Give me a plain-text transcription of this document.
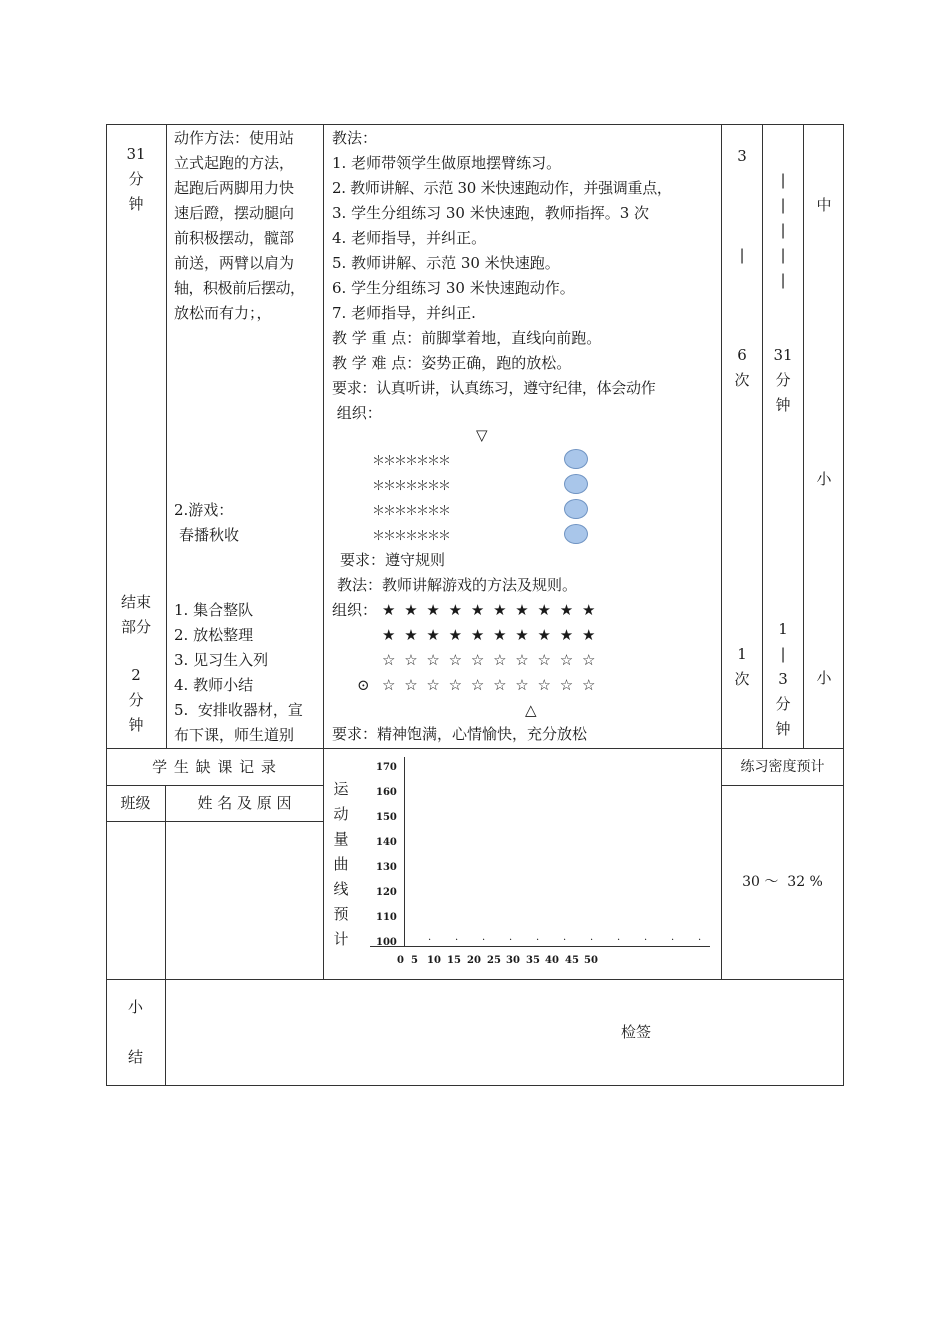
31
分
钟
动作方法：使用站
立式起跑的方法，
起跑后两脚用力快
速后蹬，摆动腿向
前积极摆动，髋部
前送，两臂以肩为
轴，积极前后摆动，
放松而有力；，
2.游戏：
春播秋收
教法：
1. 老师带领学生做原地摆臂练习。
2. 教师讲解、示范 30 米快速跑动作，并强调重点，
3. 学生分组练习 30 米快速跑，教师指挥。3 次
4. 老师指导，并纠正。
5. 教师讲解、示范 30 米快速跑。
6. 学生分组练习 30 米快速跑动作。
7. 老师指导，并纠正.
教 学 重 点：前脚掌着地，直线向前跑。
教 学 难 点：姿势正确，跑的放松。
要求：认真听讲，认真练习，遵守纪律，体会动作
组织：
▽
＊＊＊＊＊＊＊
＊＊＊＊＊＊＊
＊＊＊＊＊＊＊
＊＊＊＊＊＊＊
要求：遵守规则
教法：教师讲解游戏的方法及规则。
3
|
6
次
|
|
|
|
|
31
分
钟
中
小
结束
部分
2
分
钟
1. 集合整队
2. 放松整理
3. 见习生入列
4. 教师小结
5.  安排收器材，宣
布下课，师生道别
组织： ★ ★ ★ ★ ★ ★ ★ ★ ★ ★
★ ★ ★ ★ ★ ★ ★ ★ ★ ★
☆ ☆ ☆ ☆ ☆ ☆ ☆ ☆ ☆ ☆
⊙ ☆ ☆ ☆ ☆ ☆ ☆ ☆ ☆ ☆ ☆
△
要求：精神饱满，心情愉快，充分放松
1
次
1
|
3
分
钟
小
学 生 缺 课 记 录
班级	姓 名 及 原 因
运
动
量
曲
线
预
计
170
160
150
140
130
120
110
100
0 5 10 15 20 25 30 35 40 45 50
. . . . . . . . . . .
练习密度预计
30 ～  32 %
小
结
检签
